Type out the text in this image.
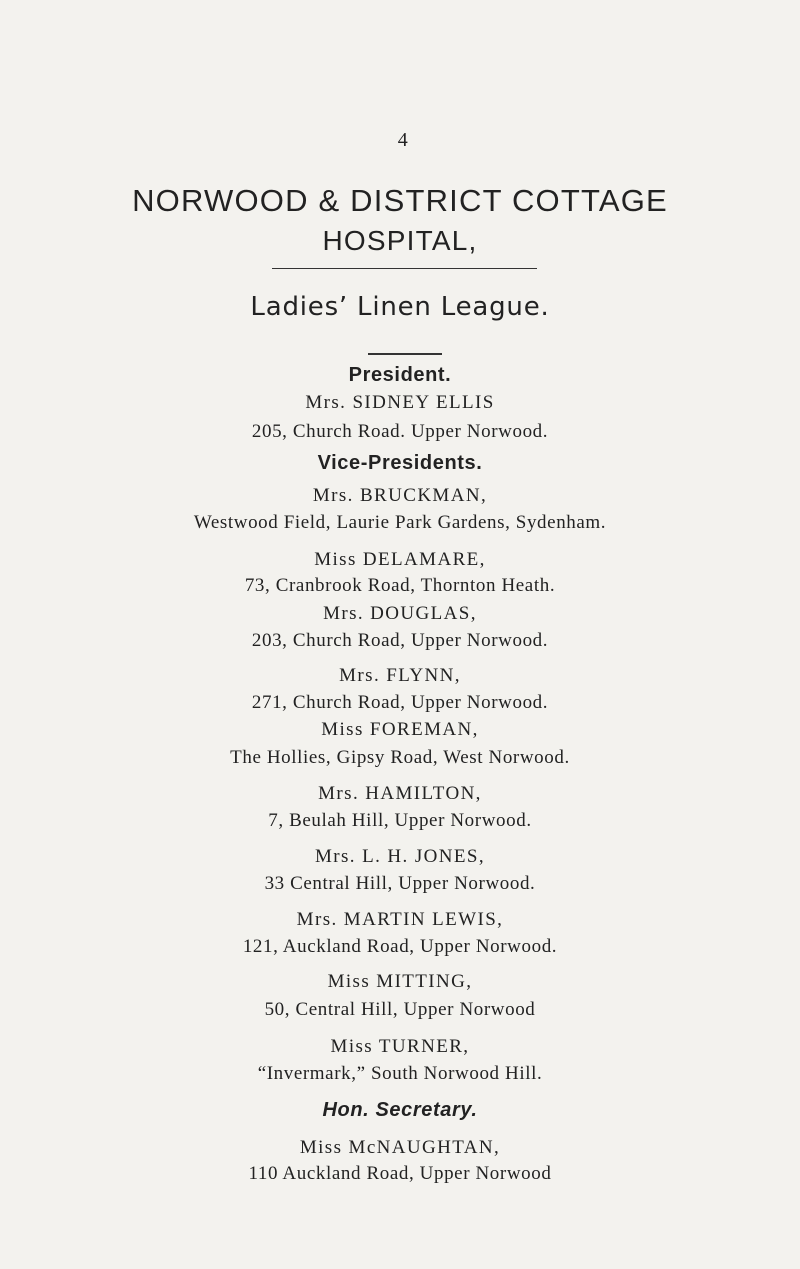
4
NORWOOD & DISTRICT COTTAGE
HOSPITAL,
Ladies’ Linen League.
President.
Mrs. SIDNEY ELLIS
205, Church Road. Upper Norwood.
Vice-Presidents.
Mrs. BRUCKMAN,
Westwood Field, Laurie Park Gardens, Sydenham.
Miss DELAMARE,
73, Cranbrook Road, Thornton Heath.
Mrs. DOUGLAS,
203, Church Road, Upper Norwood.
Mrs. FLYNN,
271, Church Road, Upper Norwood.
Miss FOREMAN,
The Hollies, Gipsy Road, West Norwood.
Mrs. HAMILTON,
7, Beulah Hill, Upper Norwood.
Mrs. L. H. JONES,
33 Central Hill, Upper Norwood.
Mrs. MARTIN LEWIS,
121, Auckland Road, Upper Norwood.
Miss MITTING,
50, Central Hill, Upper Norwood
Miss TURNER,
“Invermark,” South Norwood Hill.
Hon. Secretary.
Miss McNAUGHTAN,
110 Auckland Road, Upper Norwood
